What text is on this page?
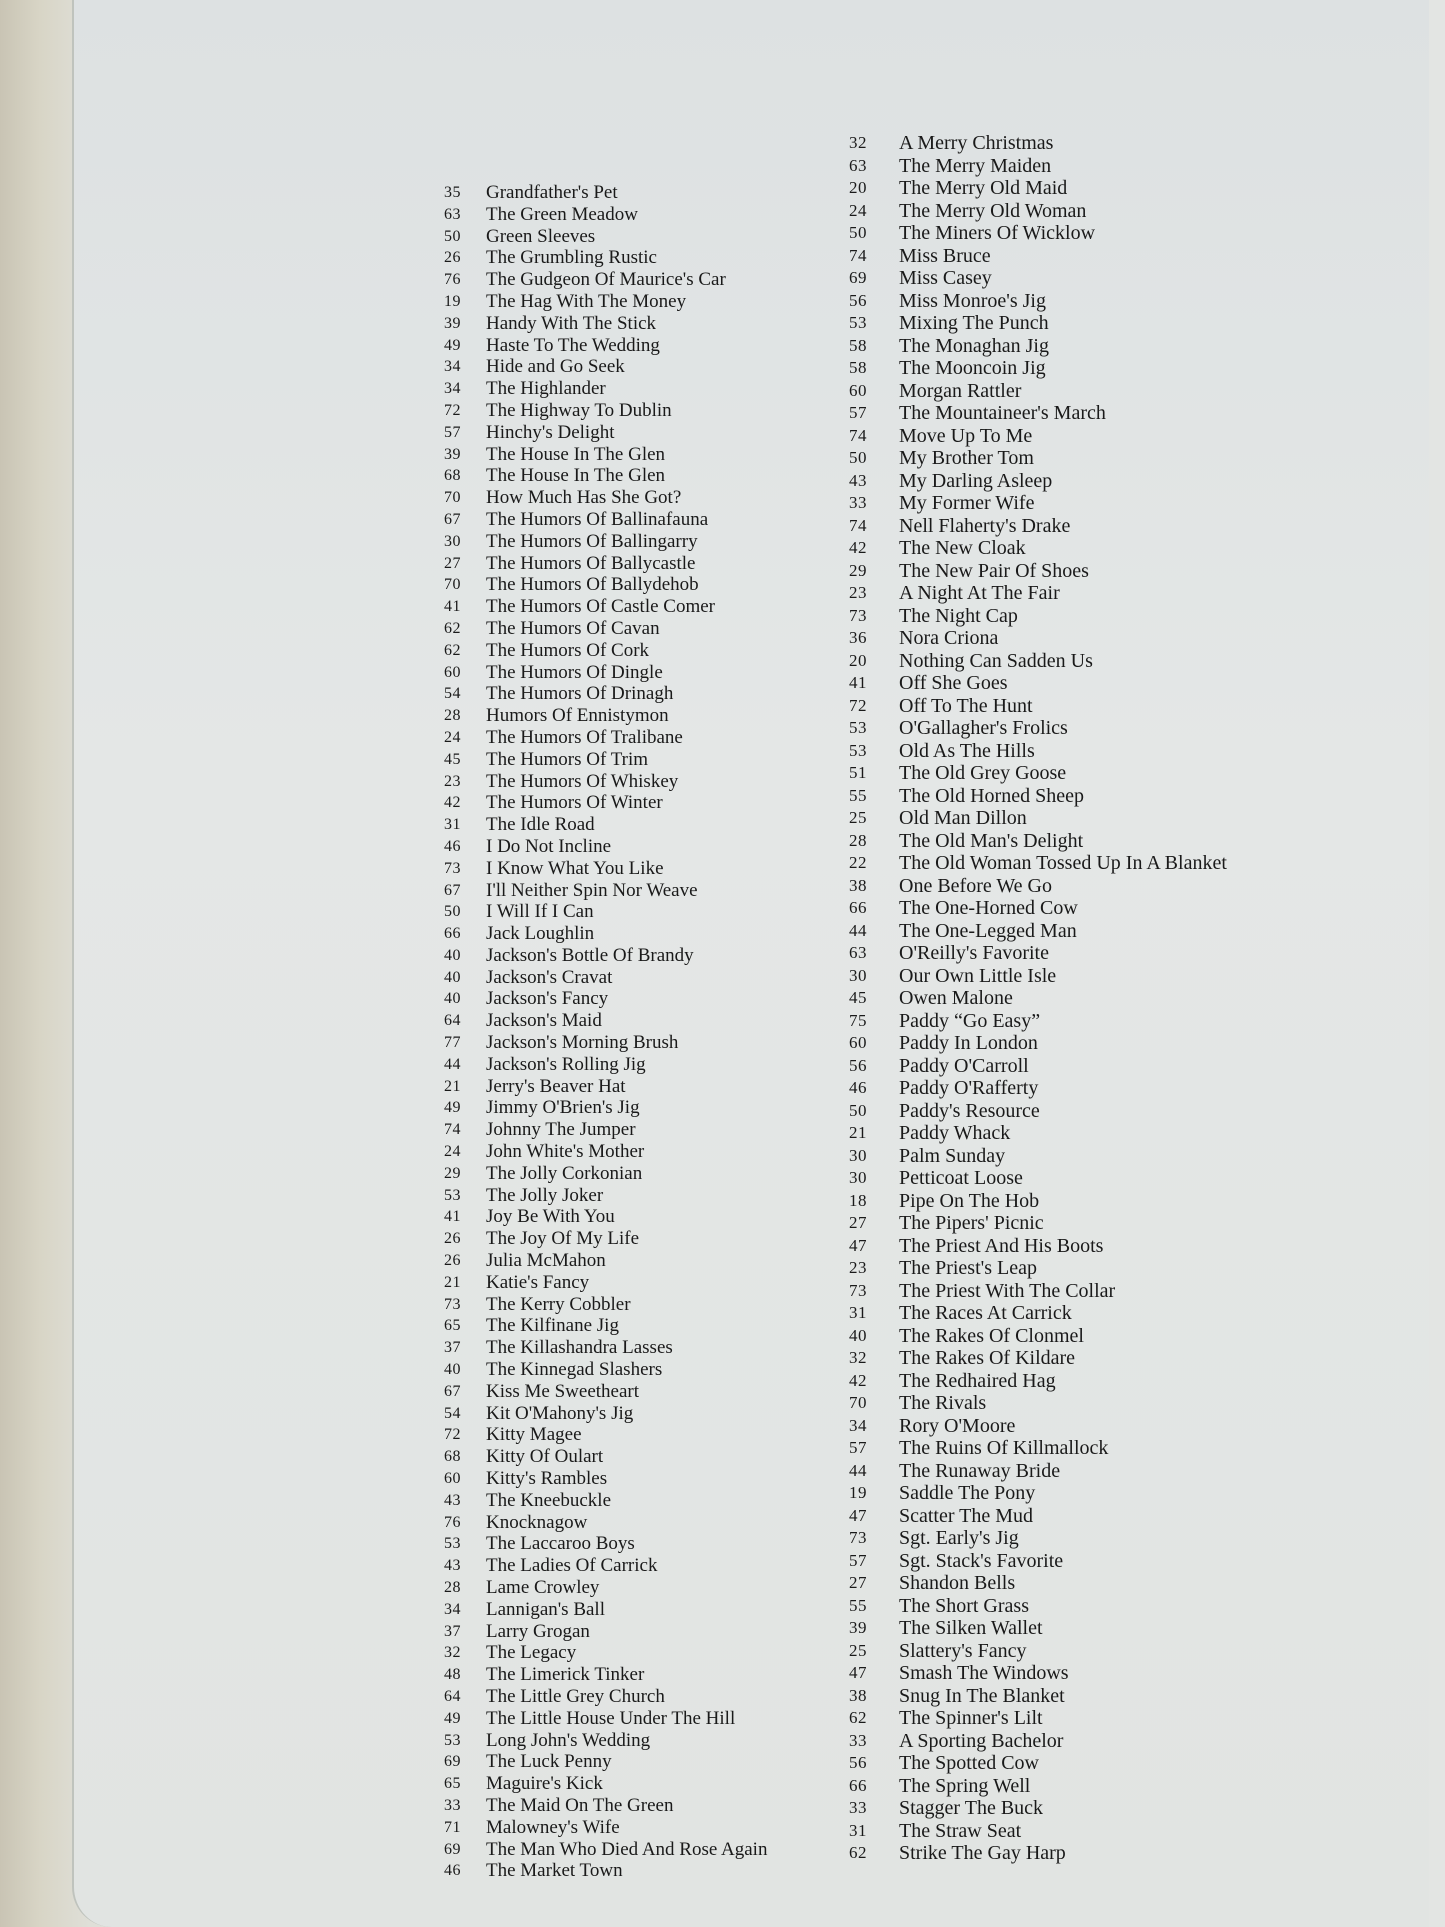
35	Grandfather's Pet
63	The Green Meadow
50	Green Sleeves
26	The Grumbling Rustic
76	The Gudgeon Of Maurice's Car
19	The Hag With The Money
39	Handy With The Stick
49	Haste To The Wedding
34	Hide and Go Seek
34	The Highlander
72	The Highway To Dublin
57	Hinchy's Delight
39	The House In The Glen
68	The House In The Glen
70	How Much Has She Got?
67	The Humors Of Ballinafauna
30	The Humors Of Ballingarry
27	The Humors Of Ballycastle
70	The Humors Of Ballydehob
41	The Humors Of Castle Comer
62	The Humors Of Cavan
62	The Humors Of Cork
60	The Humors Of Dingle
54	The Humors Of Drinagh
28	Humors Of Ennistymon
24	The Humors Of Tralibane
45	The Humors Of Trim
23	The Humors Of Whiskey
42	The Humors Of Winter
31	The Idle Road
46	I Do Not Incline
73	I Know What You Like
67	I'll Neither Spin Nor Weave
50	I Will If I Can
66	Jack Loughlin
40	Jackson's Bottle Of Brandy
40	Jackson's Cravat
40	Jackson's Fancy
64	Jackson's Maid
77	Jackson's Morning Brush
44	Jackson's Rolling Jig
21	Jerry's Beaver Hat
49	Jimmy O'Brien's Jig
74	Johnny The Jumper
24	John White's Mother
29	The Jolly Corkonian
53	The Jolly Joker
41	Joy Be With You
26	The Joy Of My Life
26	Julia McMahon
21	Katie's Fancy
73	The Kerry Cobbler
65	The Kilfinane Jig
37	The Killashandra Lasses
40	The Kinnegad Slashers
67	Kiss Me Sweetheart
54	Kit O'Mahony's Jig
72	Kitty Magee
68	Kitty Of Oulart
60	Kitty's Rambles
43	The Kneebuckle
76	Knocknagow
53	The Laccaroo Boys
43	The Ladies Of Carrick
28	Lame Crowley
34	Lannigan's Ball
37	Larry Grogan
32	The Legacy
48	The Limerick Tinker
64	The Little Grey Church
49	The Little House Under The Hill
53	Long John's Wedding
69	The Luck Penny
65	Maguire's Kick
33	The Maid On The Green
71	Malowney's Wife
69	The Man Who Died And Rose Again
46	The Market Town
32	A Merry Christmas
63	The Merry Maiden
20	The Merry Old Maid
24	The Merry Old Woman
50	The Miners Of Wicklow
74	Miss Bruce
69	Miss Casey
56	Miss Monroe's Jig
53	Mixing The Punch
58	The Monaghan Jig
58	The Mooncoin Jig
60	Morgan Rattler
57	The Mountaineer's March
74	Move Up To Me
50	My Brother Tom
43	My Darling Asleep
33	My Former Wife
74	Nell Flaherty's Drake
42	The New Cloak
29	The New Pair Of Shoes
23	A Night At The Fair
73	The Night Cap
36	Nora Criona
20	Nothing Can Sadden Us
41	Off She Goes
72	Off To The Hunt
53	O'Gallagher's Frolics
53	Old As The Hills
51	The Old Grey Goose
55	The Old Horned Sheep
25	Old Man Dillon
28	The Old Man's Delight
22	The Old Woman Tossed Up In A Blanket
38	One Before We Go
66	The One-Horned Cow
44	The One-Legged Man
63	O'Reilly's Favorite
30	Our Own Little Isle
45	Owen Malone
75	Paddy “Go Easy”
60	Paddy In London
56	Paddy O'Carroll
46	Paddy O'Rafferty
50	Paddy's Resource
21	Paddy Whack
30	Palm Sunday
30	Petticoat Loose
18	Pipe On The Hob
27	The Pipers' Picnic
47	The Priest And His Boots
23	The Priest's Leap
73	The Priest With The Collar
31	The Races At Carrick
40	The Rakes Of Clonmel
32	The Rakes Of Kildare
42	The Redhaired Hag
70	The Rivals
34	Rory O'Moore
57	The Ruins Of Killmallock
44	The Runaway Bride
19	Saddle The Pony
47	Scatter The Mud
73	Sgt. Early's Jig
57	Sgt. Stack's Favorite
27	Shandon Bells
55	The Short Grass
39	The Silken Wallet
25	Slattery's Fancy
47	Smash The Windows
38	Snug In The Blanket
62	The Spinner's Lilt
33	A Sporting Bachelor
56	The Spotted Cow
66	The Spring Well
33	Stagger The Buck
31	The Straw Seat
62	Strike The Gay Harp
